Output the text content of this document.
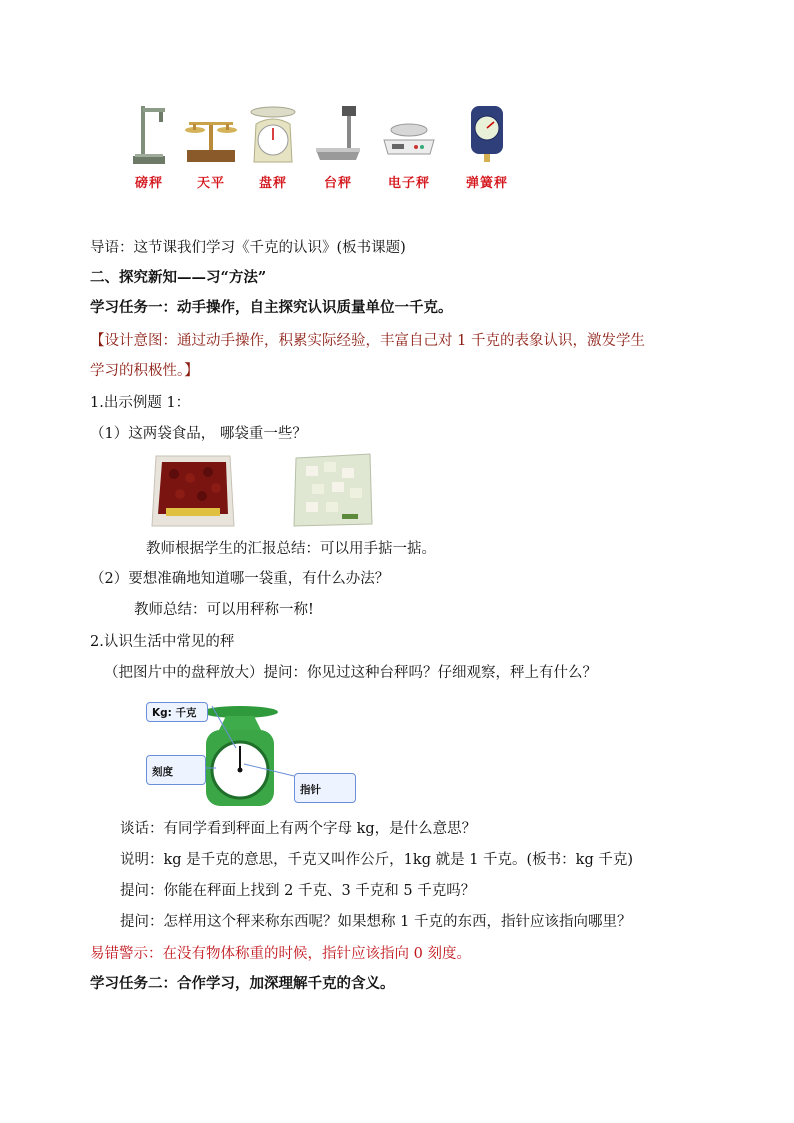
磅秤	天平	盘秤	台秤	电子秤	弹簧秤
导语：这节课我们学习《千克的认识》(板书课题)
二、探究新知——习“方法”
学习任务一：动手操作，自主探究认识质量单位一千克。
【设计意图：通过动手操作，积累实际经验，丰富自己对 1 千克的表象认识，激发学生
学习的积极性。】
1.出示例题 1：
（1）这两袋食品， 哪袋重一些？
教师根据学生的汇报总结：可以用手掂一掂。
（2）要想准确地知道哪一袋重，有什么办法？
教师总结：可以用秤称一称!
2.认识生活中常见的秤
（把图片中的盘秤放大）提问：你见过这种台秤吗？仔细观察，秤上有什么？
Kg: 千克
刻度
指针
谈话：有同学看到秤面上有两个字母 kg，是什么意思？
说明：kg 是千克的意思，千克又叫作公斤，1kg 就是 1 千克。(板书：kg 千克)
提问：你能在秤面上找到 2 千克、3 千克和 5 千克吗？
提问：怎样用这个秤来称东西呢？如果想称 1 千克的东西，指针应该指向哪里？
易错警示：在没有物体称重的时候，指针应该指向 0 刻度。
学习任务二：合作学习，加深理解千克的含义。
